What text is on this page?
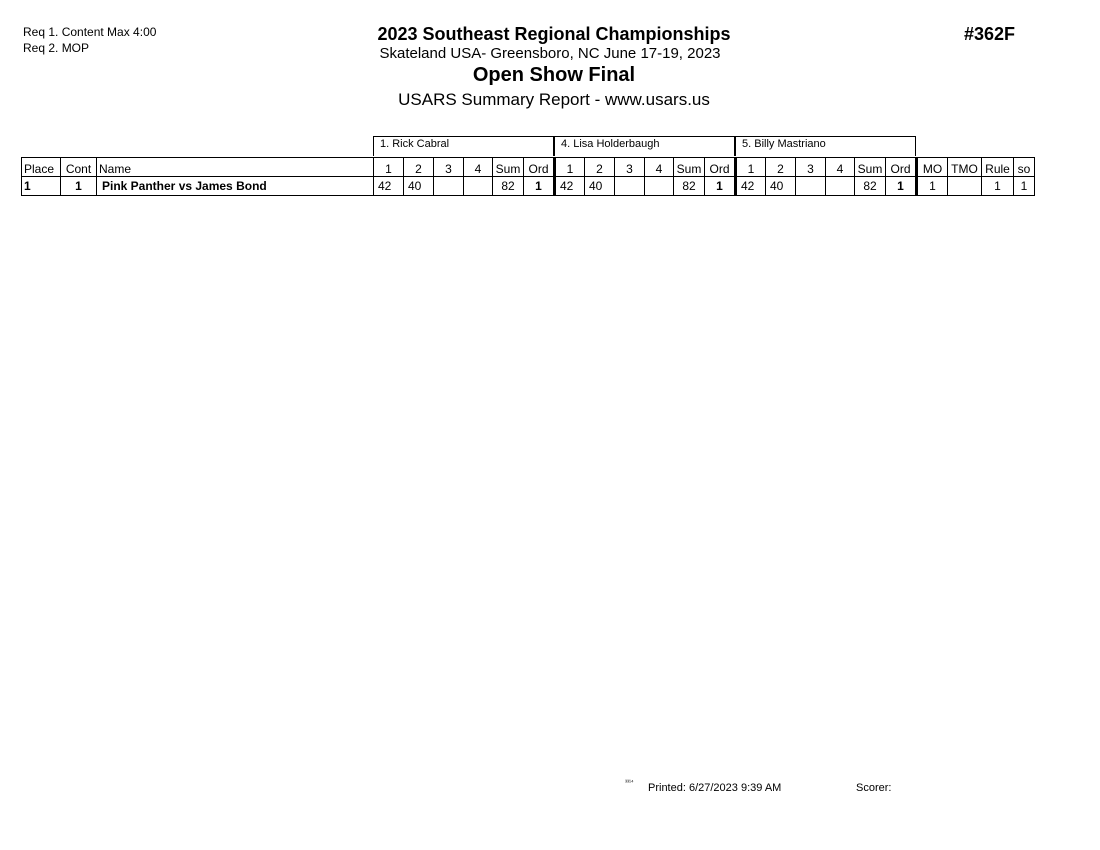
Req 1. Content Max 4:00
Req 2. MOP
2023 Southeast Regional Championships
Skateland USA- Greensboro, NC June 17-19, 2023
Open Show Final
USARS Summary Report - www.usars.us
#362F
1. Rick Cabral	4. Lisa Holderbaugh	5. Billy Mastriano
Place	Cont	Name	1	2	3	4	Sum	Ord	1	2	3	4	Sum	Ord	1	2	3	4	Sum	Ord	MO	TMO	Rule	so
1	1	Pink Panther vs James Bond	42	40			82	1	42	40			82	1	42	40			82	1	1		1	1
³³¹⁴ Printed: 6/27/2023 9:39 AM	Scorer:
